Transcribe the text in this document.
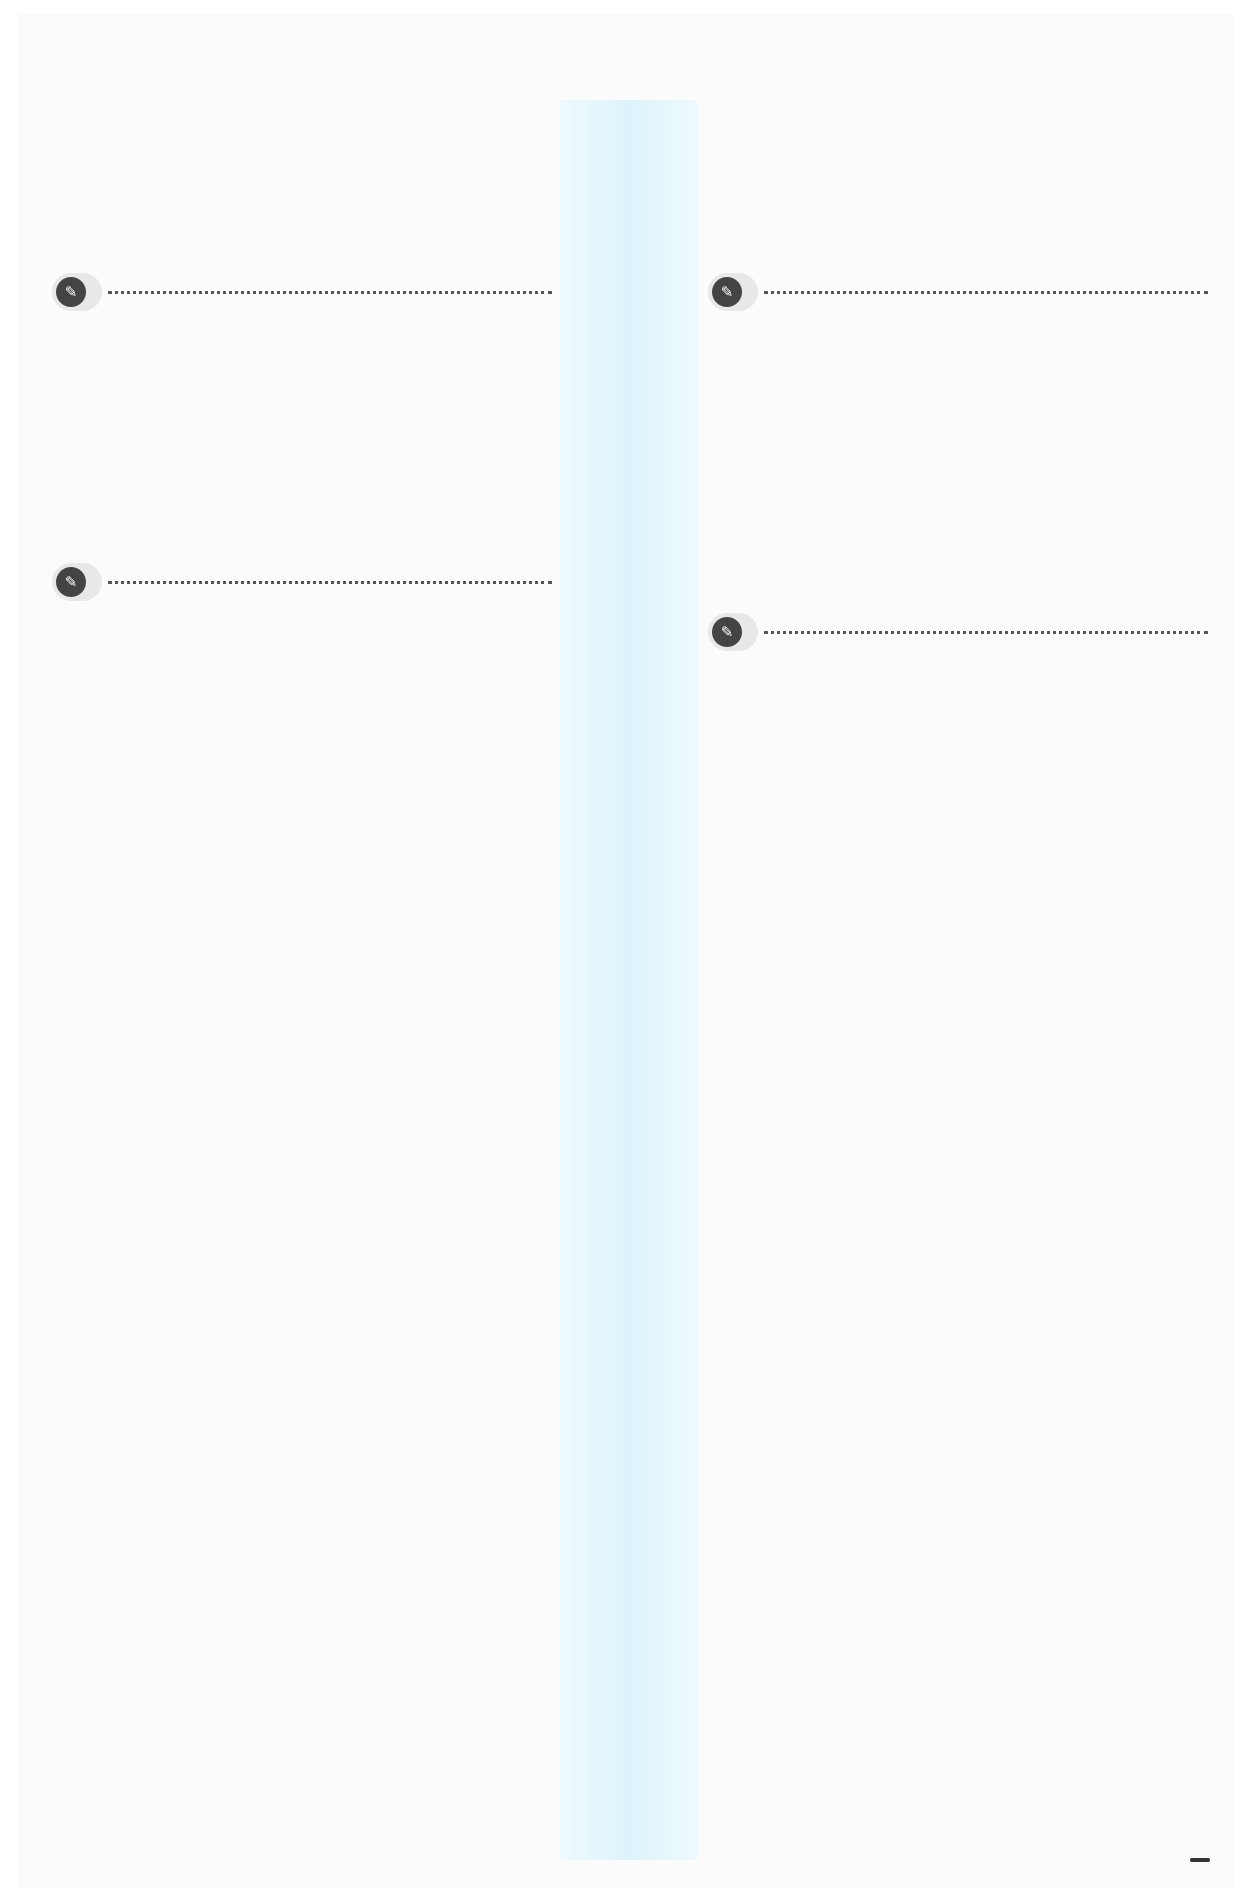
✎

✎

✎
✎
